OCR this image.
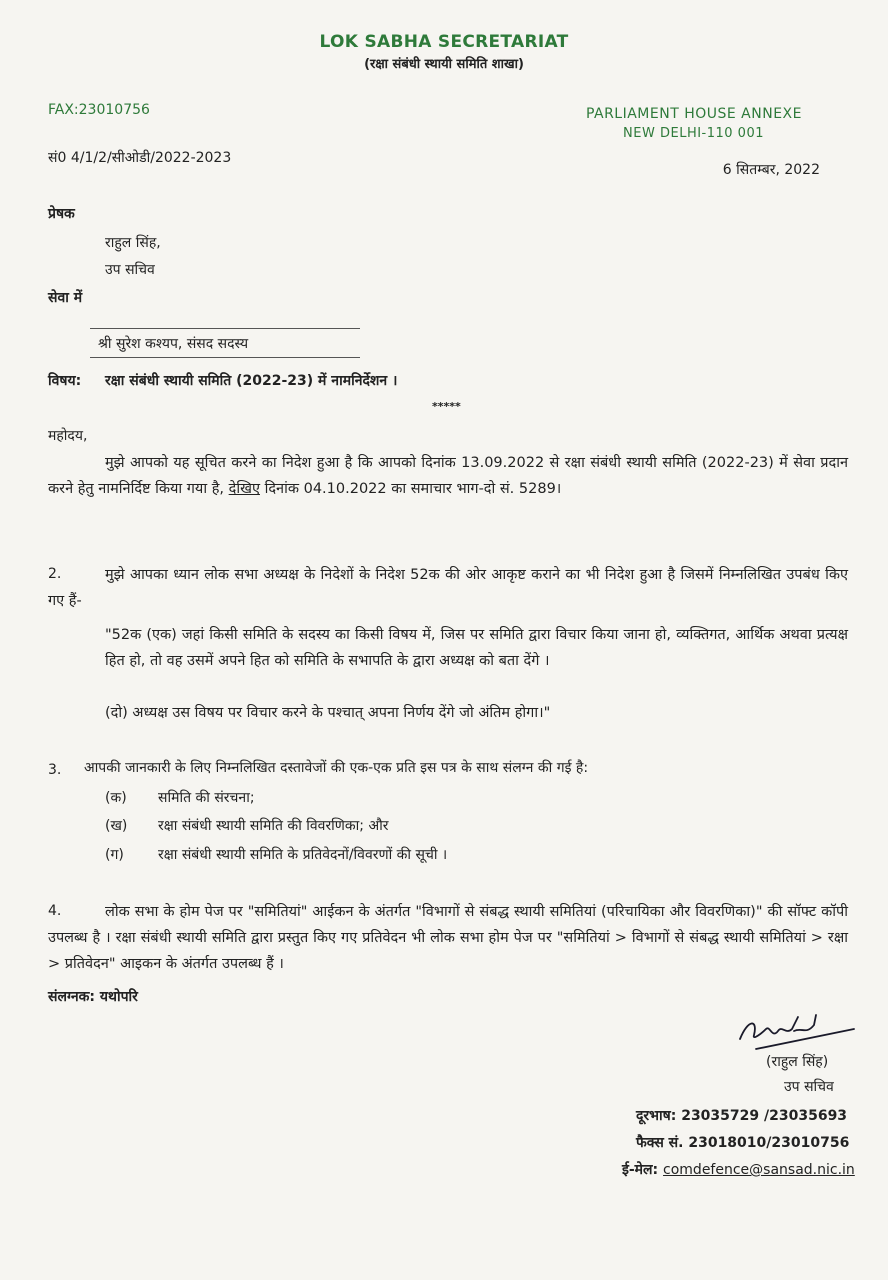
LOK SABHA SECRETARIAT
(रक्षा संबंधी स्थायी समिति शाखा)
FAX:23010756	PARLIAMENT HOUSE ANNEXE
NEW DELHI-110 001
सं0 4/1/2/सीओडी/2022-2023
6 सितम्बर, 2022
प्रेषक
राहुल सिंह,
उप सचिव
सेवा में
श्री सुरेश कश्यप, संसद सदस्य
विषय: रक्षा संबंधी स्थायी समिति (2022-23) में नामनिर्देशन ।
*****
महोदय,
मुझे आपको यह सूचित करने का निदेश हुआ है कि आपको दिनांक 13.09.2022 से रक्षा संबंधी स्थायी समिति (2022-23) में सेवा प्रदान करने हेतु नामनिर्दिष्ट किया गया है, देखिए दिनांक 04.10.2022 का समाचार भाग-दो सं. 5289।
2.	मुझे आपका ध्यान लोक सभा अध्यक्ष के निदेशों के निदेश 52क की ओर आकृष्ट कराने का भी निदेश हुआ है जिसमें निम्नलिखित उपबंध किए गए हैं-
"52क (एक) जहां किसी समिति के सदस्य का किसी विषय में, जिस पर समिति द्वारा विचार किया जाना हो, व्यक्तिगत, आर्थिक अथवा प्रत्यक्ष हित हो, तो वह उसमें अपने हित को समिति के सभापति के द्वारा अध्यक्ष को बता देंगे ।
(दो) अध्यक्ष उस विषय पर विचार करने के पश्चात् अपना निर्णय देंगे जो अंतिम होगा।"
3. आपकी जानकारी के लिए निम्नलिखित दस्तावेजों की एक-एक प्रति इस पत्र के साथ संलग्न की गई है:
(क) समिति की संरचना;
(ख) रक्षा संबंधी स्थायी समिति की विवरणिका; और
(ग) रक्षा संबंधी स्थायी समिति के प्रतिवेदनों/विवरणों की सूची ।
4.	लोक सभा के होम पेज पर "समितियां" आईकन के अंतर्गत "विभागों से संबद्ध स्थायी समितियां (परिचायिका और विवरणिका)" की सॉफ्ट कॉपी उपलब्ध है । रक्षा संबंधी स्थायी समिति द्वारा प्रस्तुत किए गए प्रतिवेदन भी लोक सभा होम पेज पर "समितियां > विभागों से संबद्ध स्थायी समितियां > रक्षा > प्रतिवेदन" आइकन के अंतर्गत उपलब्ध हैं ।
संलग्नक: यथोपरि
(राहुल सिंह)
उप सचिव
दूरभाष: 23035729 /23035693
फैक्स सं. 23018010/23010756
ई-मेल: comdefence@sansad.nic.in
